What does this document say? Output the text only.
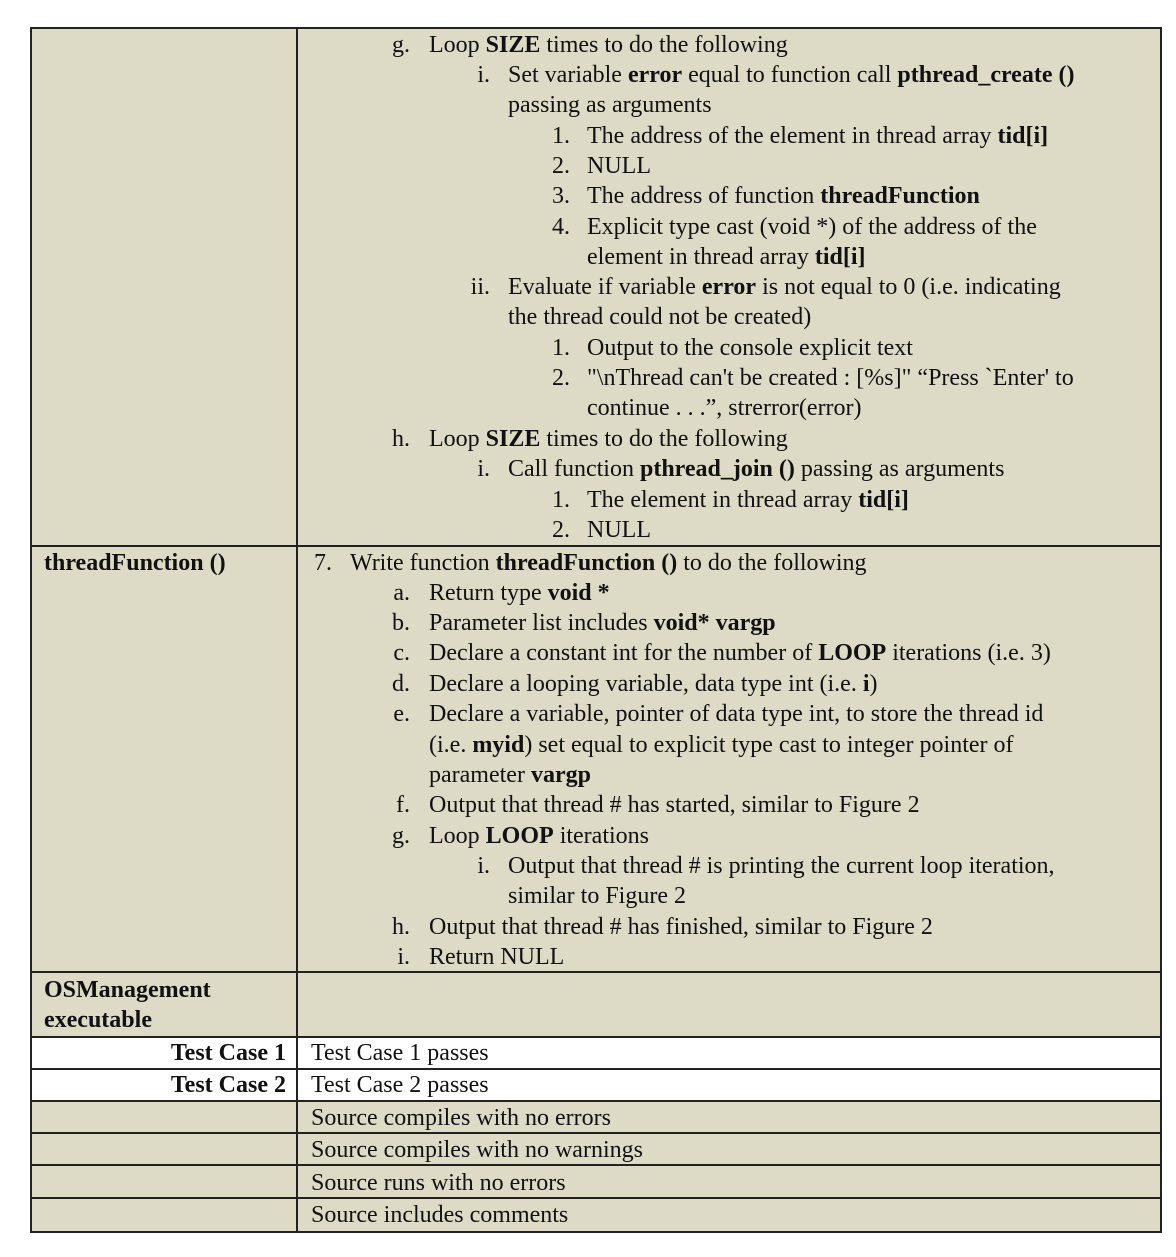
g. Loop SIZE times to do the following
i. Set variable error equal to function call pthread_create ()
passing as arguments
1. The address of the element in thread array tid[i]
2. NULL
3. The address of function threadFunction
4. Explicit type cast (void *) of the address of the
element in thread array tid[i]
ii. Evaluate if variable error is not equal to 0 (i.e. indicating
the thread could not be created)
1. Output to the console explicit text
2. "\nThread can't be created : [%s]" “Press `Enter' to
continue . . .”, strerror(error)
h. Loop SIZE times to do the following
i. Call function pthread_join () passing as arguments
1. The element in thread array tid[i]
2. NULL
threadFunction ()	7. Write function threadFunction () to do the following
a. Return type void *
b. Parameter list includes void* vargp
c. Declare a constant int for the number of LOOP iterations (i.e. 3)
d. Declare a looping variable, data type int (i.e. i)
e. Declare a variable, pointer of data type int, to store the thread id
(i.e. myid) set equal to explicit type cast to integer pointer of
parameter vargp
f. Output that thread # has started, similar to Figure 2
g. Loop LOOP iterations
i. Output that thread # is printing the current loop iteration,
similar to Figure 2
h. Output that thread # has finished, similar to Figure 2
i. Return NULL
OSManagement
executable
Test Case 1 Test Case 1 passes
Test Case 2 Test Case 2 passes
Source compiles with no errors
Source compiles with no warnings
Source runs with no errors
Source includes comments
